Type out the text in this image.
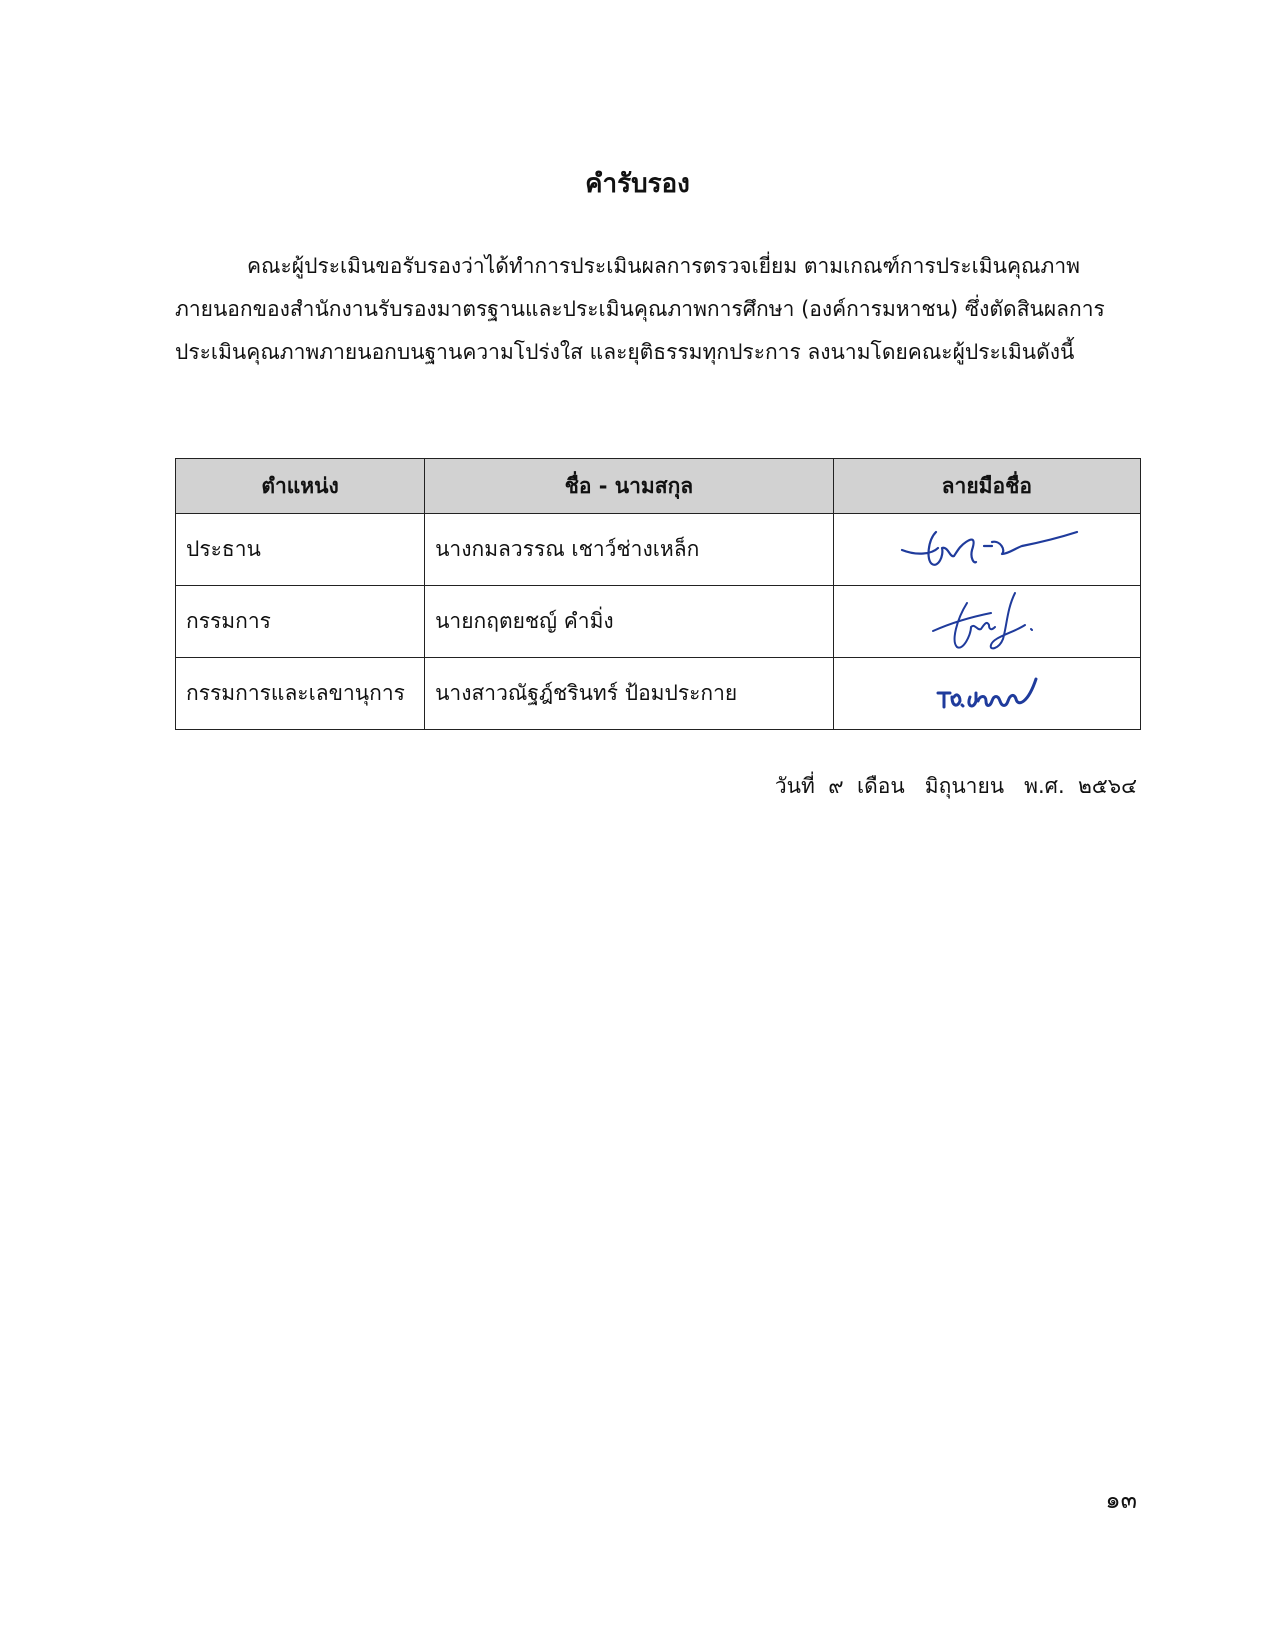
คำรับรอง

คณะผู้ประเมินขอรับรองว่าได้ทำการประเมินผลการตรวจเยี่ยม ตามเกณฑ์การประเมินคุณภาพภายนอกของสำนักงานรับรองมาตรฐานและประเมินคุณภาพการศึกษา (องค์การมหาชน) ซึ่งตัดสินผลการประเมินคุณภาพภายนอกบนฐานความโปร่งใส และยุติธรรมทุกประการ ลงนามโดยคณะผู้ประเมินดังนี้

ตำแหน่ง	ชื่อ - นามสกุล	ลายมือชื่อ
ประธาน	นางกมลวรรณ เชาว์ช่างเหล็ก	

กรรมการ	นายกฤตยชญ์ คำมิ่ง	

กรรมการและเลขานุการ	นางสาวณัฐฎ์ชรินทร์ ป้อมประกาย	
วันที่  ๙  เดือน   มิถุนายน   พ.ศ.  ๒๕๖๔
๑๓
